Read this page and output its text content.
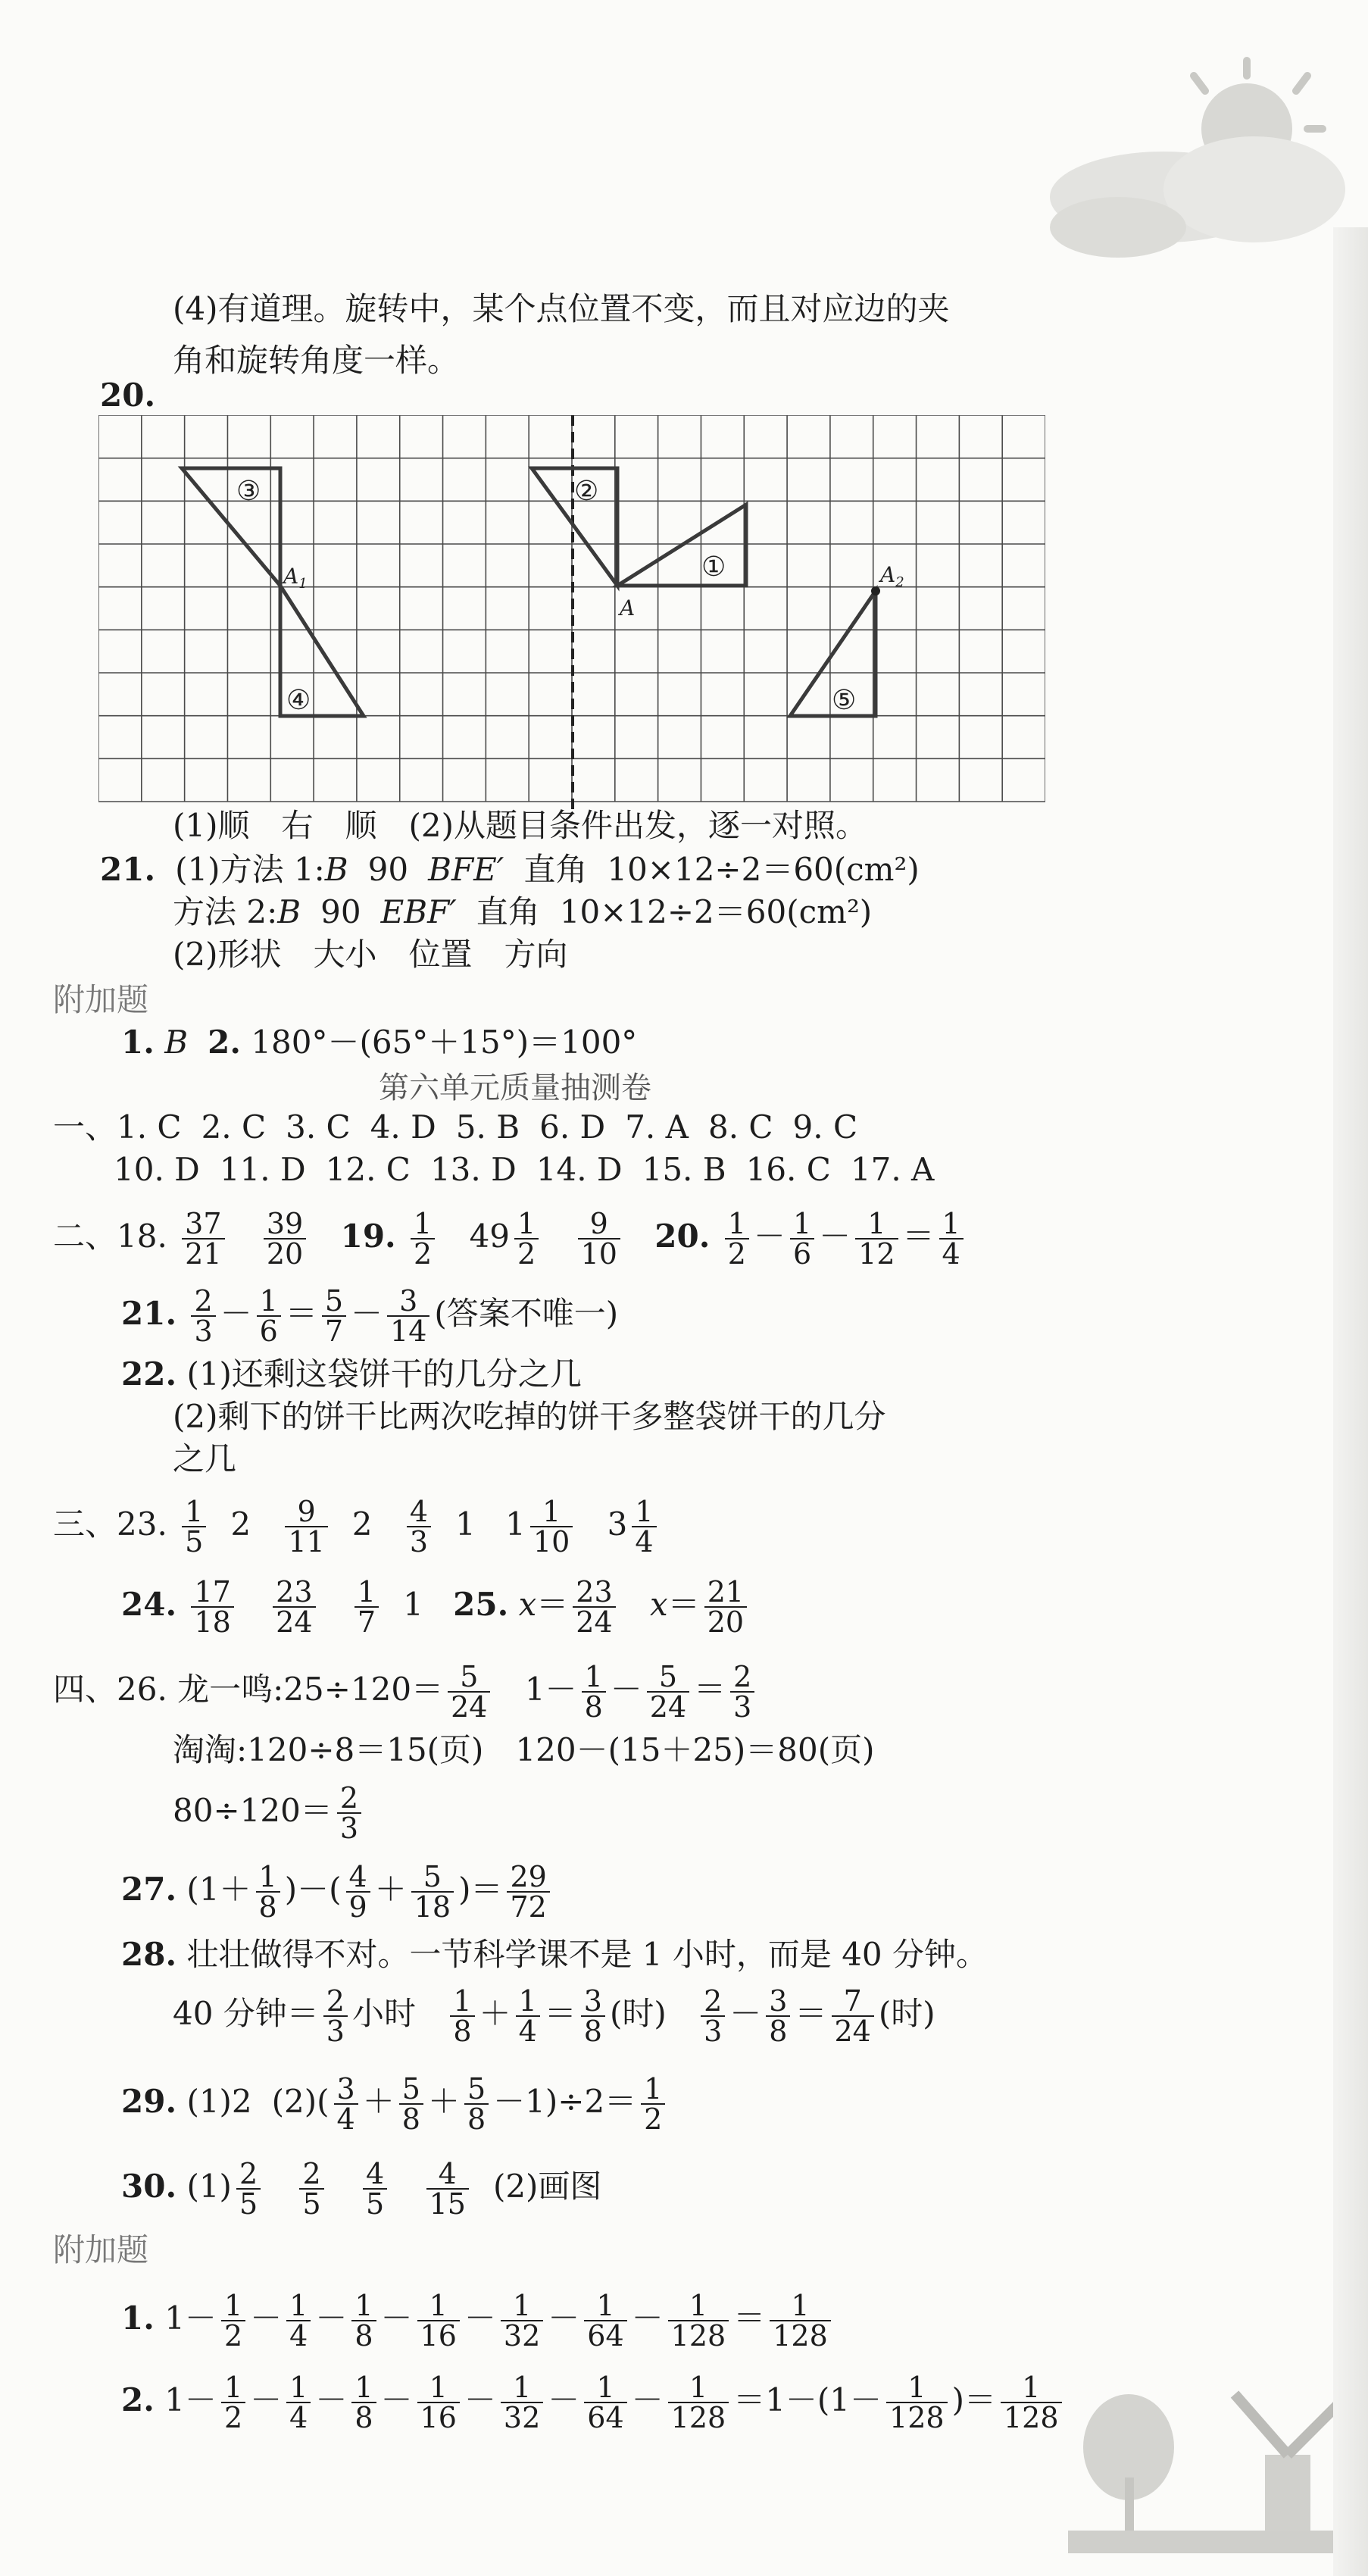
(4)有道理。旋转中，某个点位置不变，而且对应边的夹
角和旋转角度一样。
20.
③	②
①
④	⑤
$A_1$
A
$A_2$
(1)顺　右　顺　(2)从题目条件出发，逐一对照。
21. (1)方法 1:B 90 BFE′ 直角 10×12÷2＝60(cm²)
方法 2:B 90 EBF′ 直角 10×12÷2＝60(cm²)
(2)形状　大小　位置　方向
附加题
1. B 2. 180°－(65°＋15°)＝100°
第六单元质量抽测卷
一、1. C 2. C 3. C 4. D 5. B 6. D 7. A 8. C 9. C
10. D 11. D 12. C 13. D 14. D 15. B 16. C 17. A
二、18. $\frac{37}{21}$
$\frac{39}{20} 19$. $\frac{1}{2} 49 \frac{1}{2}$
$\frac{9}{10} 20$. $\frac{1}{2} - \frac{1}{6} - \frac{1}{12} = \frac{1}{4}$
21. $\frac{2}{3} - \frac{1}{6} = \frac{5}{7} - \frac{3}{14}$ (答案不唯一)
22. (1)还剩这袋饼干的几分之几
(2)剩下的饼干比两次吃掉的饼干多整袋饼干的几分
之几
三、23. $\frac{1}{5} 2 \frac{9}{11} 2 \frac{4}{3} 1$ $1 \frac{1}{10} 3 \frac{1}{4}$
24. $\frac{17}{18}$
$\frac{23}{24}$
$\frac{1}{7} 1$ 25. $x= \frac{23}{24} x= \frac{21}{20}$
四、26. 龙一鸣:25÷120＝ $\frac{5}{24} 1- \frac{1}{8} - \frac{5}{24} = \frac{2}{3}$
淘淘:120÷8＝15(页)　120－(15＋25)＝80(页)
$80\div 120= \frac{2}{3}$
27. ($1+ \frac{1}{8}$ )－( $\frac{4}{9} + \frac{5}{18}$ )＝ $\frac{29}{72}$
28. 壮壮做得不对。一节科学课不是 1 小时，而是 40 分钟。
40 分钟＝ $\frac{2}{3}$ 小时 $\frac{1}{8} + \frac{1}{4} = \frac{3}{8}$ (时) $\frac{2}{3} - \frac{3}{8} = \frac{7}{24}$ (时)
29. (1)2 $(2)( \frac{3}{4} + \frac{5}{8} + \frac{5}{8} -1)\div 2= \frac{1}{2}$
30. $(1) \frac{2}{5}$
$\frac{2}{5}$
$\frac{4}{5}$
$\frac{4}{15} (2)$画图
附加题
1. $1- \frac{1}{2} - \frac{1}{4} - \frac{1}{8} - \frac{1}{16} - \frac{1}{32} - \frac{1}{64} - \frac{1}{128} = \frac{1}{128}$
2. $1- \frac{1}{2} - \frac{1}{4} - \frac{1}{8} - \frac{1}{16} - \frac{1}{32} - \frac{1}{64} - \frac{1}{128} =1-(1- \frac{1}{128}$ )＝ $\frac{1}{128}$
